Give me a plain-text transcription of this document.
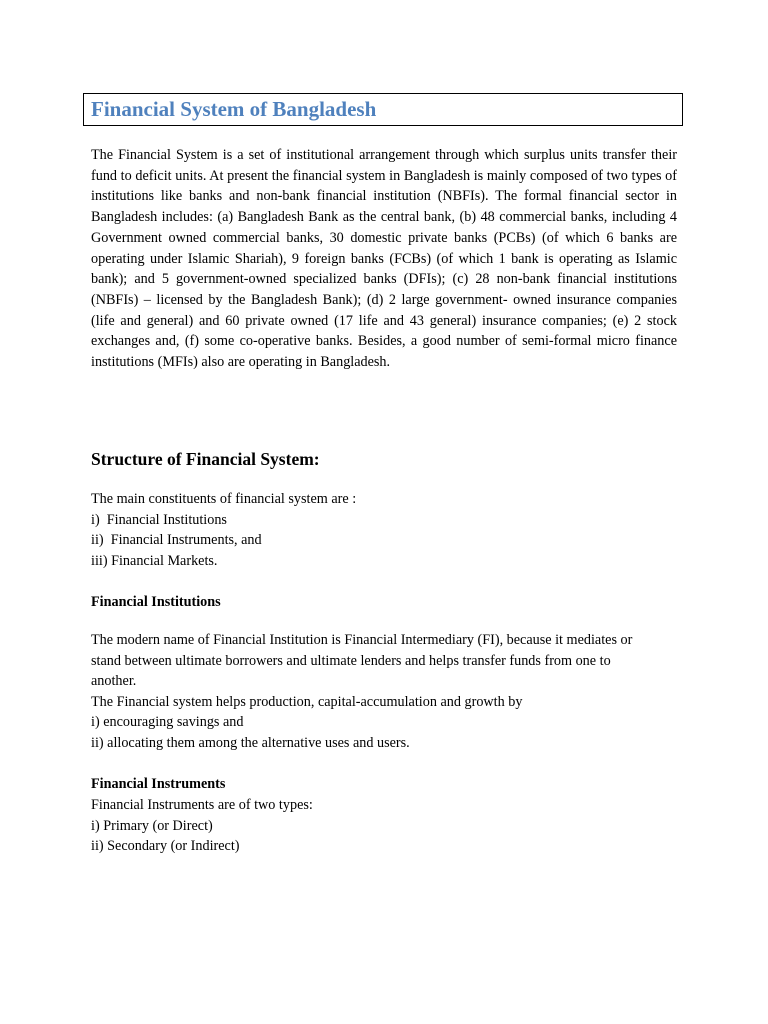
Financial System of Bangladesh

The Financial System is a set of institutional arrangement through which surplus units transfer their fund to deficit units. At present the financial system in Bangladesh is mainly composed of two types of institutions like banks and non-bank financial institution (NBFIs). The formal financial sector in Bangladesh includes: (a) Bangladesh Bank as the central bank, (b) 48 commercial banks, including 4 Government owned commercial banks, 30 domestic private banks (PCBs) (of which 6 banks are operating under Islamic Shariah), 9 foreign banks (FCBs) (of which 1 bank is operating as Islamic bank); and 5 government-owned specialized banks (DFIs); (c) 28 non-bank financial institutions (NBFIs) – licensed by the Bangladesh Bank); (d) 2 large government- owned insurance companies (life and general) and 60 private owned (17 life and 43 general) insurance companies; (e) 2 stock exchanges and, (f) some co-operative banks. Besides, a good number of semi-formal micro finance institutions (MFIs) also are operating in Bangladesh.

Structure of Financial System:
The main constituents of financial system are :
i)  Financial Institutions
ii)  Financial Instruments, and
iii) Financial Markets.
Financial Institutions
The modern name of Financial Institution is Financial Intermediary (FI), because it mediates or
stand between ultimate borrowers and ultimate lenders and helps transfer funds from one to
another.
The Financial system helps production, capital-accumulation and growth by
i) encouraging savings and
ii) allocating them among the alternative uses and users.
Financial Instruments
Financial Instruments are of two types:
i) Primary (or Direct)
ii) Secondary (or Indirect)
